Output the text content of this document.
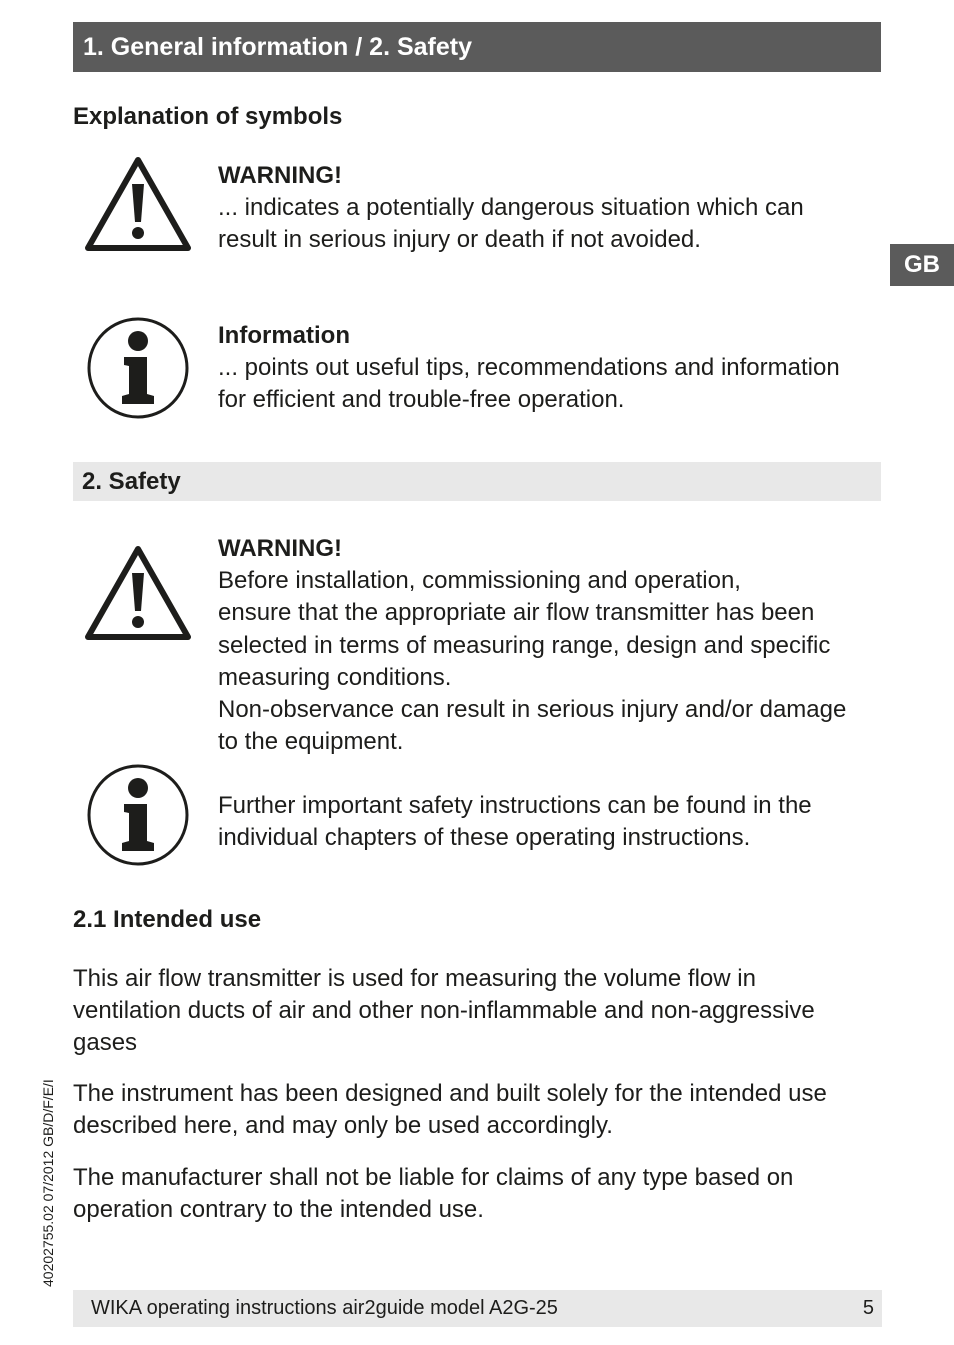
1. General information / 2. Safety
GB
Explanation of symbols
WARNING!
... indicates a potentially dangerous situation which can
result in serious injury or death if not avoided.
Information
... points out useful tips, recommendations and information
for efficient and trouble-free operation.
2. Safety
WARNING!
Before installation, commissioning and operation,
ensure that the appropriate air flow transmitter has been
selected in terms of measuring range, design and specific
measuring conditions.
Non-observance can result in serious injury and/or damage
to the equipment.
Further important safety instructions can be found in the
individual chapters of these operating instructions.
2.1 Intended use
This air flow transmitter is used for measuring the volume flow in
ventilation ducts of air and other non-inflammable and non-aggressive
gases
The instrument has been designed and built solely for the intended use
described here, and may only be used accordingly.
The manufacturer shall not be liable for claims of any type based on
operation contrary to the intended use.
40202755.02 07/2012 GB/D/F/E/I
WIKA operating instructions air2guide model A2G-25	5
